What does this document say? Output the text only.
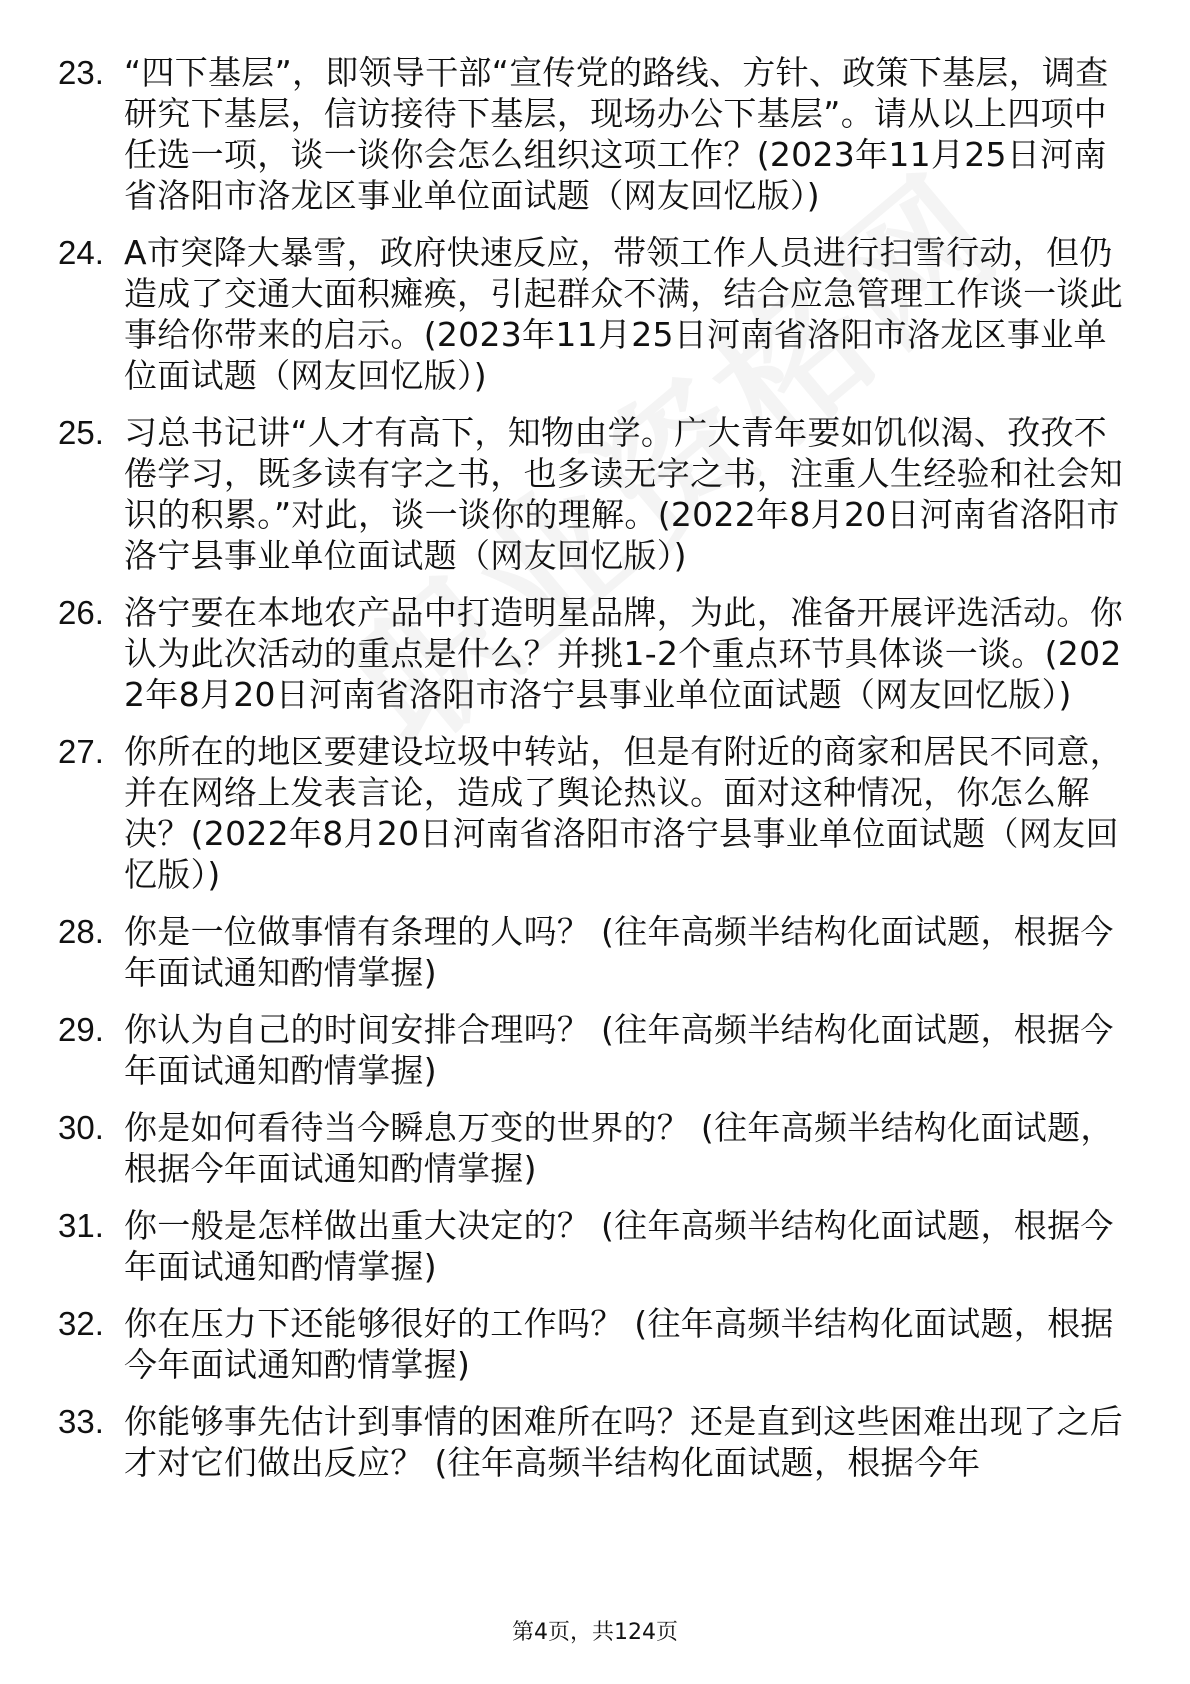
23. “四下基层”，即领导干部“宣传党的路线、方针、政策下基层，调查研究下基层，信访接待下基层，现场办公下基层”。请从以上四项中任选一项，谈一谈你会怎么组织这项工作？(2023年11月25日河南省洛阳市洛龙区事业单位面试题（网友回忆版）)
24. A市突降大暴雪，政府快速反应，带领工作人员进行扫雪行动，但仍造成了交通大面积瘫痪，引起群众不满，结合应急管理工作谈一谈此事给你带来的启示。(2023年11月25日河南省洛阳市洛龙区事业单位面试题（网友回忆版）)
25. 习总书记讲“人才有高下，知物由学。广大青年要如饥似渴、孜孜不倦学习，既多读有字之书，也多读无字之书，注重人生经验和社会知识的积累。”对此，谈一谈你的理解。(2022年8月20日河南省洛阳市洛宁县事业单位面试题（网友回忆版）)
26. 洛宁要在本地农产品中打造明星品牌，为此，准备开展评选活动。你认为此次活动的重点是什么？并挑1-2个重点环节具体谈一谈。(2022年8月20日河南省洛阳市洛宁县事业单位面试题（网友回忆版）)
27. 你所在的地区要建设垃圾中转站，但是有附近的商家和居民不同意，并在网络上发表言论，造成了舆论热议。面对这种情况，你怎么解决？(2022年8月20日河南省洛阳市洛宁县事业单位面试题（网友回忆版）)
28. 你是一位做事情有条理的人吗？ (往年高频半结构化面试题，根据今年面试通知酌情掌握)
29. 你认为自己的时间安排合理吗？ (往年高频半结构化面试题，根据今年面试通知酌情掌握)
30. 你是如何看待当今瞬息万变的世界的？ (往年高频半结构化面试题，根据今年面试通知酌情掌握)
31. 你一般是怎样做出重大决定的？ (往年高频半结构化面试题，根据今年面试通知酌情掌握)
32. 你在压力下还能够很好的工作吗？ (往年高频半结构化面试题，根据今年面试通知酌情掌握)
33. 你能够事先估计到事情的困难所在吗？还是直到这些困难出现了之后才对它们做出反应？ (往年高频半结构化面试题，根据今年
第4页，共124页
